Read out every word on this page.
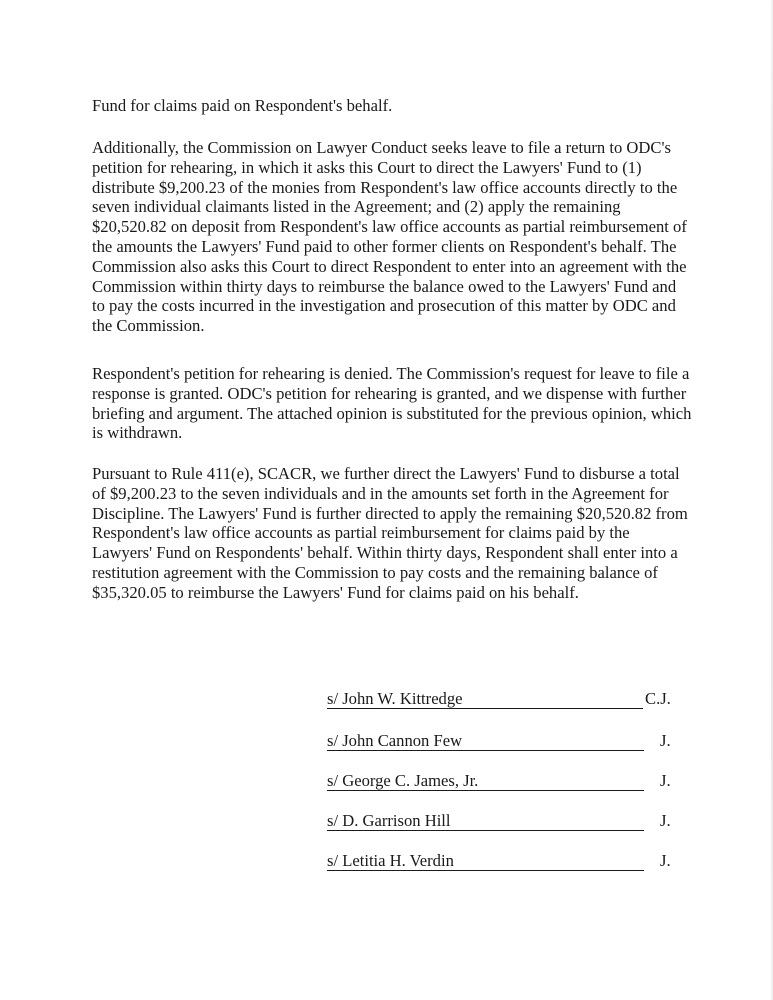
Fund for claims paid on Respondent's behalf.

Additionally, the Commission on Lawyer Conduct seeks leave to file a return to ODC's petition for rehearing, in which it asks this Court to direct the Lawyers' Fund to (1) distribute $9,200.23 of the monies from Respondent's law office accounts directly to the seven individual claimants listed in the Agreement; and (2) apply the remaining $20,520.82 on deposit from Respondent's law office accounts as partial reimbursement of the amounts the Lawyers' Fund paid to other former clients on Respondent's behalf. The Commission also asks this Court to direct Respondent to enter into an agreement with the Commission within thirty days to reimburse the balance owed to the Lawyers' Fund and to pay the costs incurred in the investigation and prosecution of this matter by ODC and the Commission.

Respondent's petition for rehearing is denied. The Commission's request for leave to file a response is granted. ODC's petition for rehearing is granted, and we dispense with further briefing and argument. The attached opinion is substituted for the previous opinion, which is withdrawn.

Pursuant to Rule 411(e), SCACR, we further direct the Lawyers' Fund to disburse a total of $9,200.23 to the seven individuals and in the amounts set forth in the Agreement for Discipline. The Lawyers' Fund is further directed to apply the remaining $20,520.82 from Respondent's law office accounts as partial reimbursement for claims paid by the Lawyers' Fund on Respondents' behalf. Within thirty days, Respondent shall enter into a restitution agreement with the Commission to pay costs and the remaining balance of $35,320.05 to reimburse the Lawyers' Fund for claims paid on his behalf.

s/ John W. Kittredge	C.J.
s/ John Cannon Few	J.
s/ George C. James, Jr.	J.
s/ D. Garrison Hill	J.
s/ Letitia H. Verdin	J.
